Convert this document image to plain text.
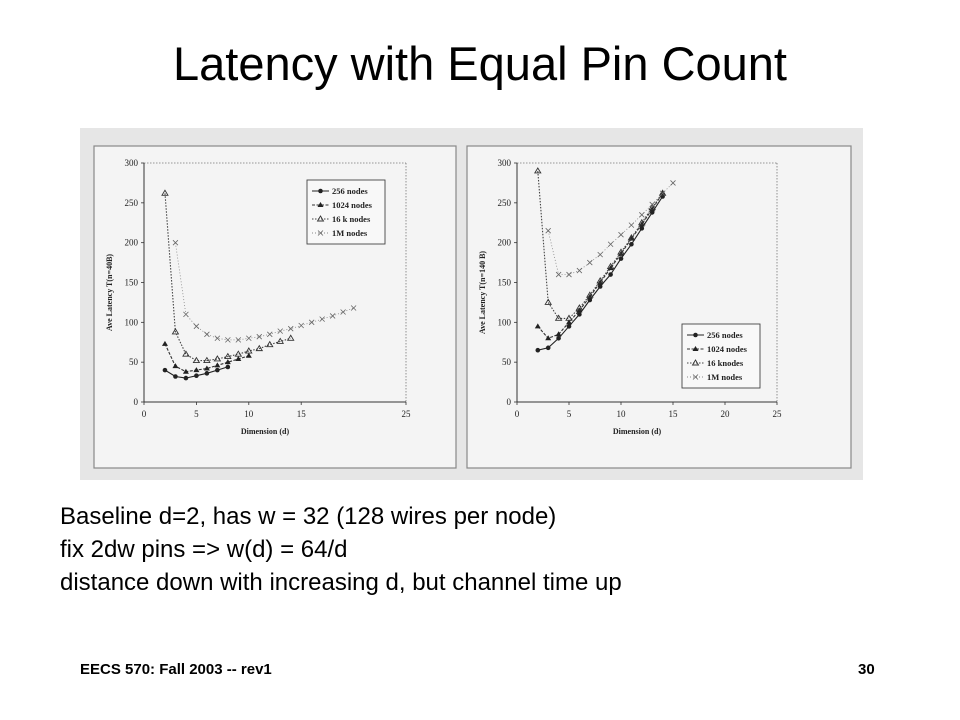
Latency with Equal Pin Count
0
50
100
150
200
250
300
0	5	10	15	25
Dimension (d)
Ave Latency T(n=40B)
256 nodes
1024 nodes
16 k nodes
1M nodes
0
50
100
150
200
250
300
0	5	10	15	20	25
Dimension (d)
Ave Latency T(n=140 B)
256 nodes
1024 nodes
16 knodes
1M nodes
Baseline d=2, has w = 32 (128 wires per node)
fix 2dw pins => w(d) = 64/d
distance down with increasing d, but channel time up
EECS 570: Fall 2003 -- rev1	30
